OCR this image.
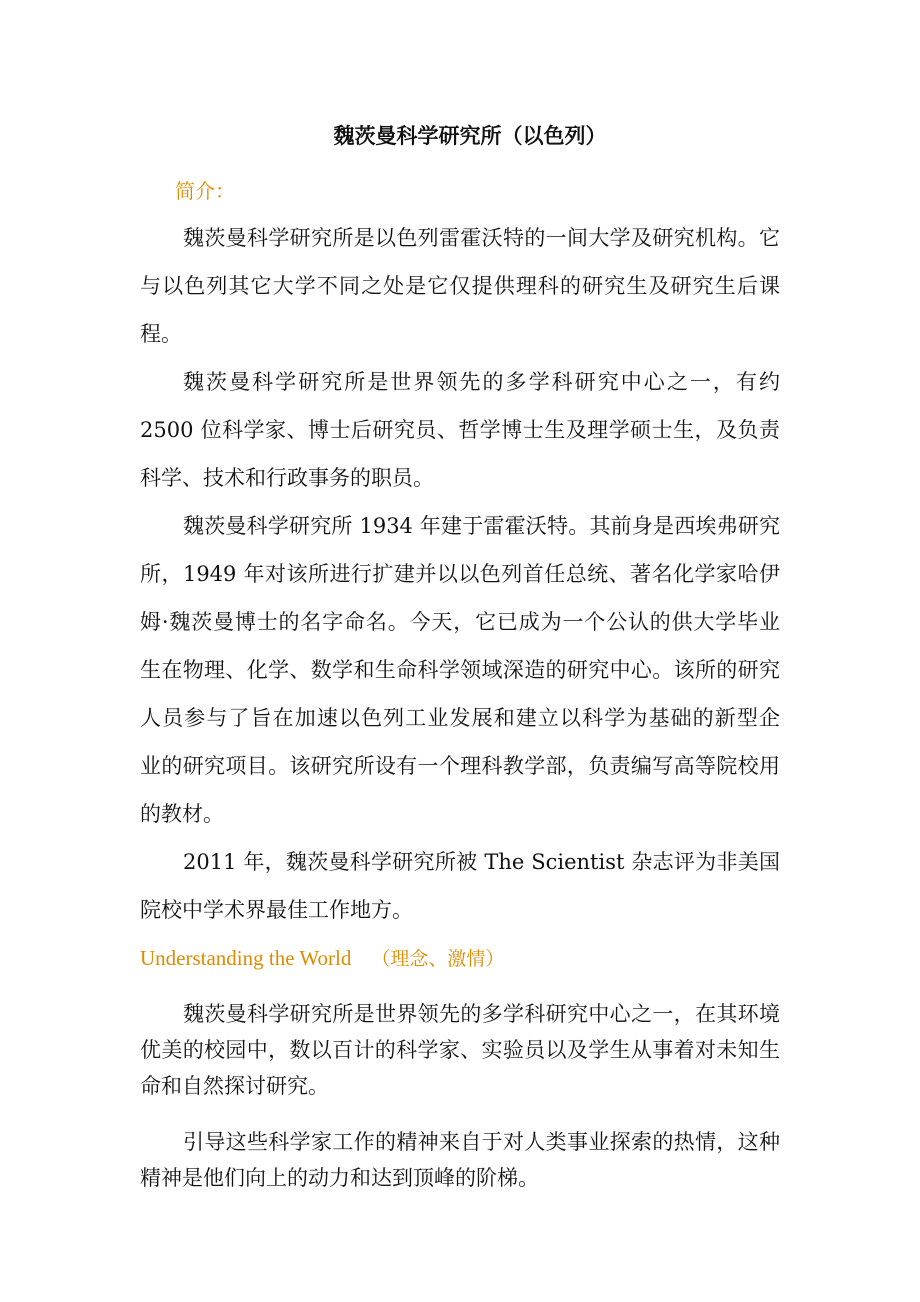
魏茨曼科学研究所（以色列）
简介：
魏茨曼科学研究所是以色列雷霍沃特的一间大学及研究机构。它
与以色列其它大学不同之处是它仅提供理科的研究生及研究生后课
程。
魏茨曼科学研究所是世界领先的多学科研究中心之一，有约
2500 位科学家、博士后研究员、哲学博士生及理学硕士生，及负责
科学、技术和行政事务的职员。
魏茨曼科学研究所 1934 年建于雷霍沃特。其前身是西埃弗研究
所，1949 年对该所进行扩建并以以色列首任总统、著名化学家哈伊
姆·魏茨曼博士的名字命名。今天，它已成为一个公认的供大学毕业
生在物理、化学、数学和生命科学领域深造的研究中心。该所的研究
人员参与了旨在加速以色列工业发展和建立以科学为基础的新型企
业的研究项目。该研究所设有一个理科教学部，负责编写高等院校用
的教材。
2011 年，魏茨曼科学研究所被 The Scientist 杂志评为非美国
院校中学术界最佳工作地方。
Understanding the World （理念、激情）
魏茨曼科学研究所是世界领先的多学科研究中心之一，在其环境
优美的校园中，数以百计的科学家、实验员以及学生从事着对未知生
命和自然探讨研究。
引导这些科学家工作的精神来自于对人类事业探索的热情，这种
精神是他们向上的动力和达到顶峰的阶梯。
